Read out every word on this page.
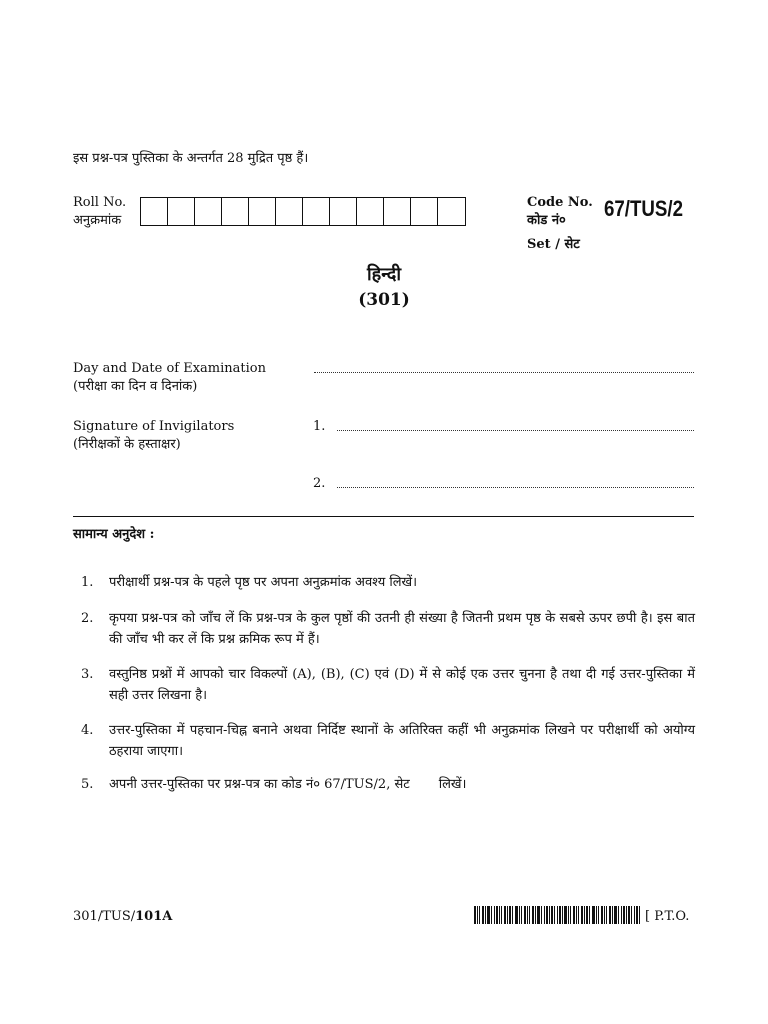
इस प्रश्न-पत्र पुस्तिका के अन्तर्गत 28 मुद्रित पृष्ठ हैं।
Roll No.
अनुक्रमांक
Code No.
कोड नं०	67/TUS/2
Set / सेट
हिन्दी
(301)
Day and Date of Examination
(परीक्षा का दिन व दिनांक)
Signature of Invigilators
(निरीक्षकों के हस्ताक्षर)
1.
2.
सामान्य अनुदेश :
1. परीक्षार्थी प्रश्न-पत्र के पहले पृष्ठ पर अपना अनुक्रमांक अवश्य लिखें।
2. कृपया प्रश्न-पत्र को जाँच लें कि प्रश्न-पत्र के कुल पृष्ठों की उतनी ही संख्या है जितनी प्रथम पृष्ठ के सबसे ऊपर छपी है। इस बात की जाँच भी कर लें कि प्रश्न क्रमिक रूप में हैं।
3. वस्तुनिष्ठ प्रश्नों में आपको चार विकल्पों (A), (B), (C) एवं (D) में से कोई एक उत्तर चुनना है तथा दी गई उत्तर-पुस्तिका में सही उत्तर लिखना है।
4. उत्तर-पुस्तिका में पहचान-चिह्न बनाने अथवा निर्दिष्ट स्थानों के अतिरिक्त कहीं भी अनुक्रमांक लिखने पर परीक्षार्थी को अयोग्य ठहराया जाएगा।
5. अपनी उत्तर-पुस्तिका पर प्रश्न-पत्र का कोड नं० 67/TUS/2, सेट       लिखें।
301/TUS/101A	[ P.T.O.
